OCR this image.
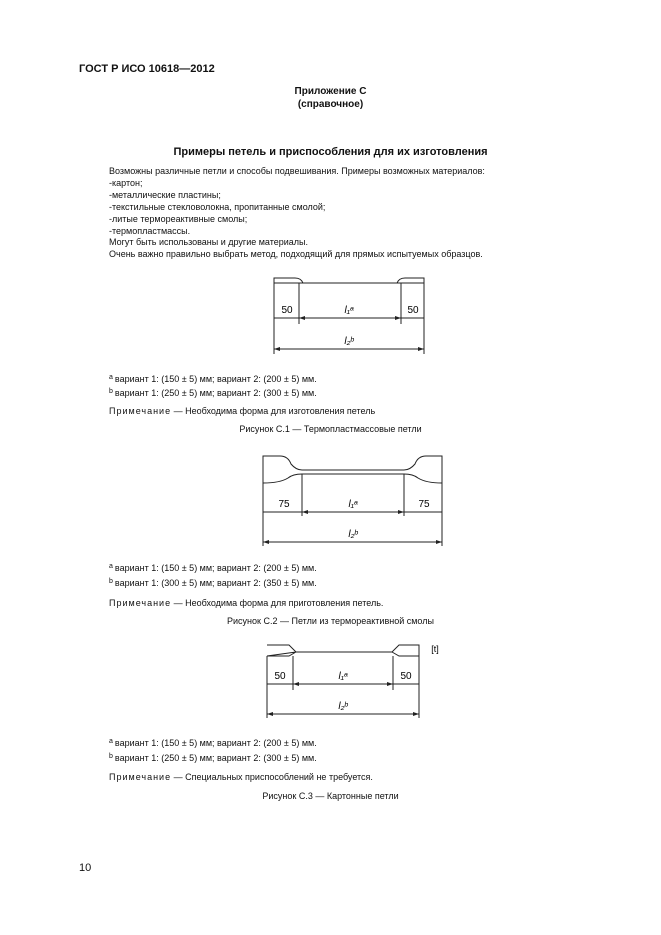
ГОСТ Р ИСО 10618—2012
Приложение С
(справочное)
Примеры петель и приспособления для их изготовления
Возможны различные петли и способы подвешивания. Примеры возможных материалов:
-картон;
-металлические пластины;
-текстильные стекловолокна, пропитанные смолой;
-литые термореактивные смолы;
-термопластмассы.
Могут быть использованы и другие материалы.
Очень важно правильно выбрать метод, подходящий для прямых испытуемых образцов.
50	50
l₁ᵃ
l₂ᵇ
$^a$ вариант 1: (150 ± 5) мм; вариант 2: (200 ± 5) мм.
$^b$ вариант 1: (250 ± 5) мм; вариант 2: (300 ± 5) мм.
Примечание — Необходима форма для изготовления петель
Рисунок С.1 — Термопластмассовые петли
75	75
l₁ᵃ
l₂ᵇ
$^a$ вариант 1: (150 ± 5) мм; вариант 2: (200 ± 5) мм.
$^b$ вариант 1: (300 ± 5) мм; вариант 2: (350 ± 5) мм.
Примечание — Необходима форма для приготовления петель.
Рисунок С.2 — Петли из термореактивной смолы
50	50
l₁ᵃ
l₂ᵇ
[t]
$^a$ вариант 1: (150 ± 5) мм; вариант 2: (200 ± 5) мм.
$^b$ вариант 1: (250 ± 5) мм; вариант 2: (300 ± 5) мм.
Примечание — Специальных приспособлений не требуется.
Рисунок С.3 — Картонные петли
10
